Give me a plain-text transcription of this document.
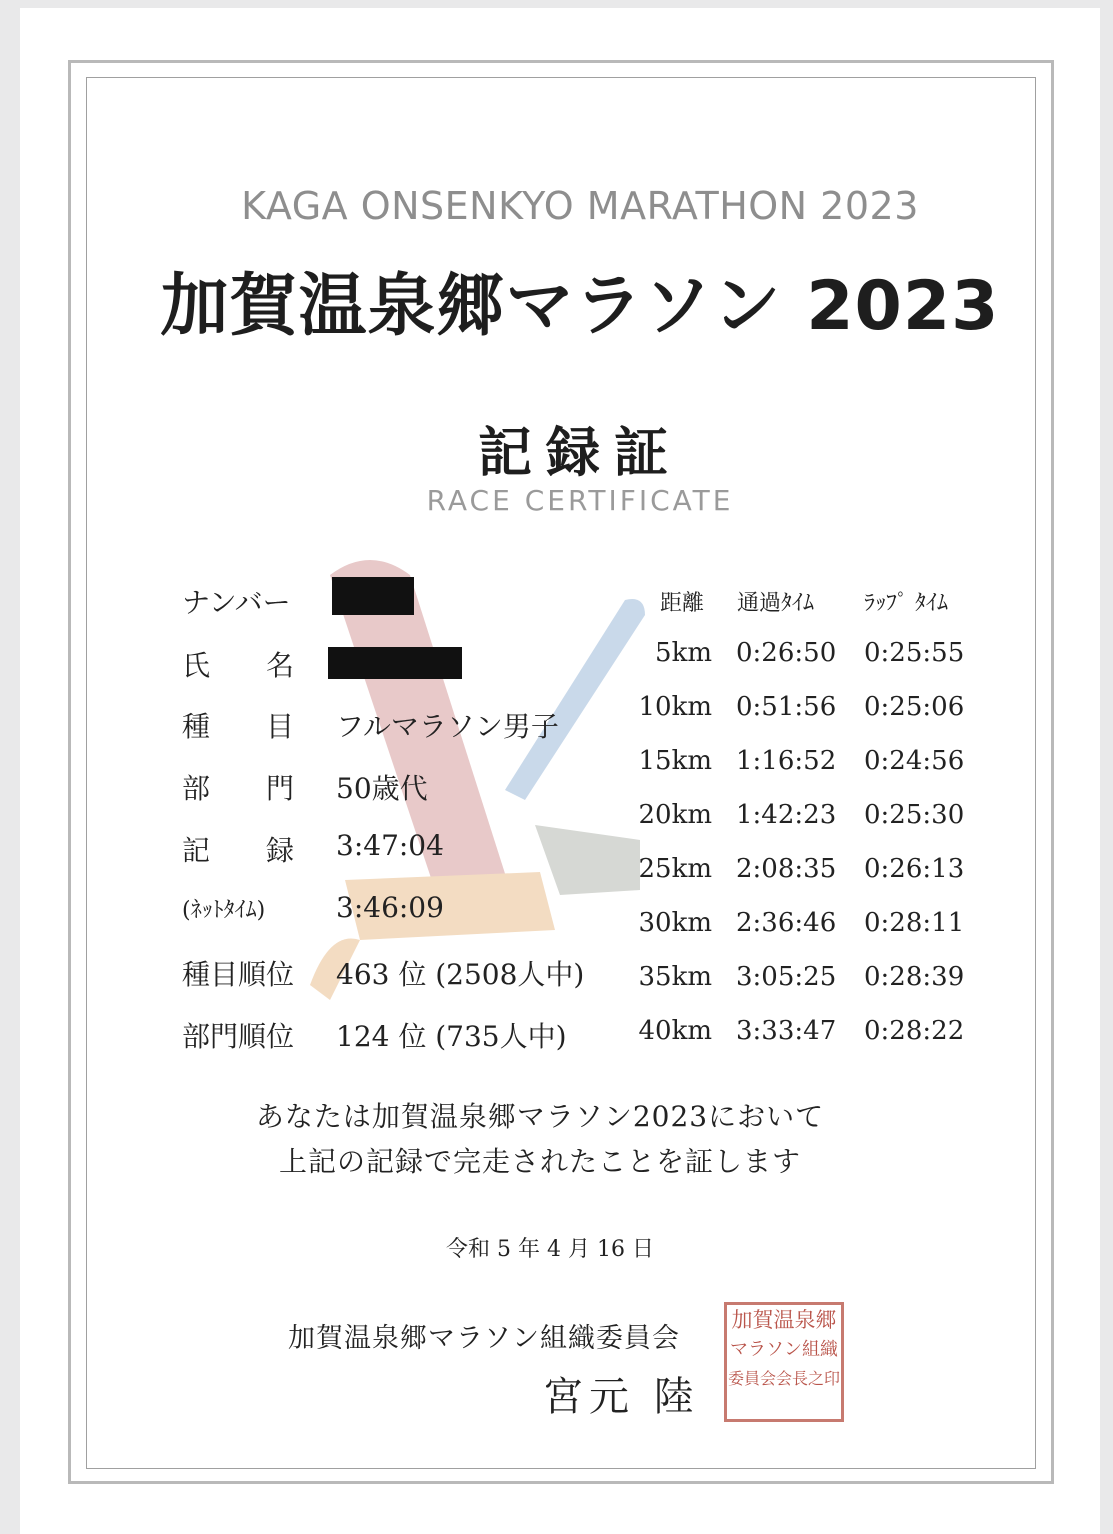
KAGA ONSENKYO MARATHON 2023
加賀温泉郷マラソン 2023
記録証
RACE CERTIFICATE
ナンバー
氏　　名
種　　目 フルマラソン男子
部　　門 50歳代
記　　録 3:47:04
(ﾈｯﾄﾀｲﾑ)	3:46:09
種目順位 463 位 (2508人中)
部門順位 124 位 (735人中)
距離 通過ﾀｲﾑ ﾗｯﾌﾟ ﾀｲﾑ
5km 0:26:50 0:25:55
10km 0:51:56 0:25:06
15km 1:16:52 0:24:56
20km 1:42:23 0:25:30
25km 2:08:35 0:26:13
30km 2:36:46 0:28:11
35km 3:05:25 0:28:39
40km 3:33:47 0:28:22
あなたは加賀温泉郷マラソン2023において
上記の記録で完走されたことを証します
令和 5 年 4 月 16 日
加賀温泉郷マラソン組織委員会
宮元 陸
加賀温泉郷
マラソン組織
委員会会長之印
